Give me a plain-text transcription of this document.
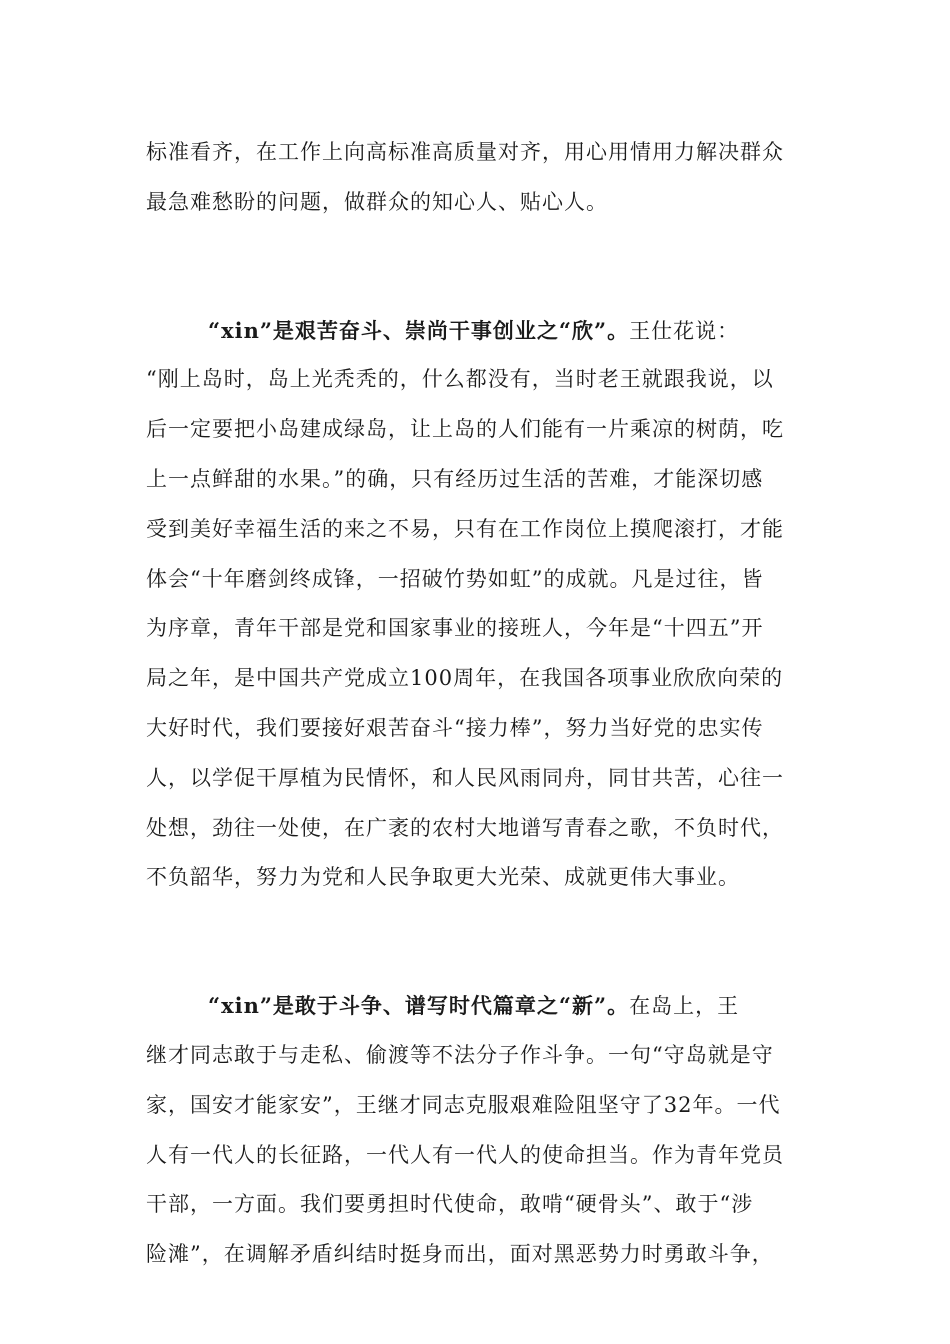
标准看齐，在工作上向高标准高质量对齐，用心用情用力解决群众
最急难愁盼的问题，做群众的知心人、贴心人。
“xin”是艰苦奋斗、崇尚干事创业之“欣”。王仕花说：
“刚上岛时，岛上光秃秃的，什么都没有，当时老王就跟我说，以
后一定要把小岛建成绿岛，让上岛的人们能有一片乘凉的树荫，吃
上一点鲜甜的水果。”的确，只有经历过生活的苦难，才能深切感
受到美好幸福生活的来之不易，只有在工作岗位上摸爬滚打，才能
体会“十年磨剑终成锋，一招破竹势如虹”的成就。凡是过往，皆
为序章，青年干部是党和国家事业的接班人，今年是“十四五”开
局之年，是中国共产党成立100周年，在我国各项事业欣欣向荣的
大好时代，我们要接好艰苦奋斗“接力棒”，努力当好党的忠实传
人，以学促干厚植为民情怀，和人民风雨同舟，同甘共苦，心往一
处想，劲往一处使，在广袤的农村大地谱写青春之歌，不负时代，
不负韶华，努力为党和人民争取更大光荣、成就更伟大事业。
“xin”是敢于斗争、谱写时代篇章之“新”。在岛上，王
继才同志敢于与走私、偷渡等不法分子作斗争。一句“守岛就是守
家，国安才能家安”，王继才同志克服艰难险阻坚守了32年。一代
人有一代人的长征路，一代人有一代人的使命担当。作为青年党员
干部，一方面。我们要勇担时代使命，敢啃“硬骨头”、敢于“涉
险滩”，在调解矛盾纠结时挺身而出，面对黑恶势力时勇敢斗争，
